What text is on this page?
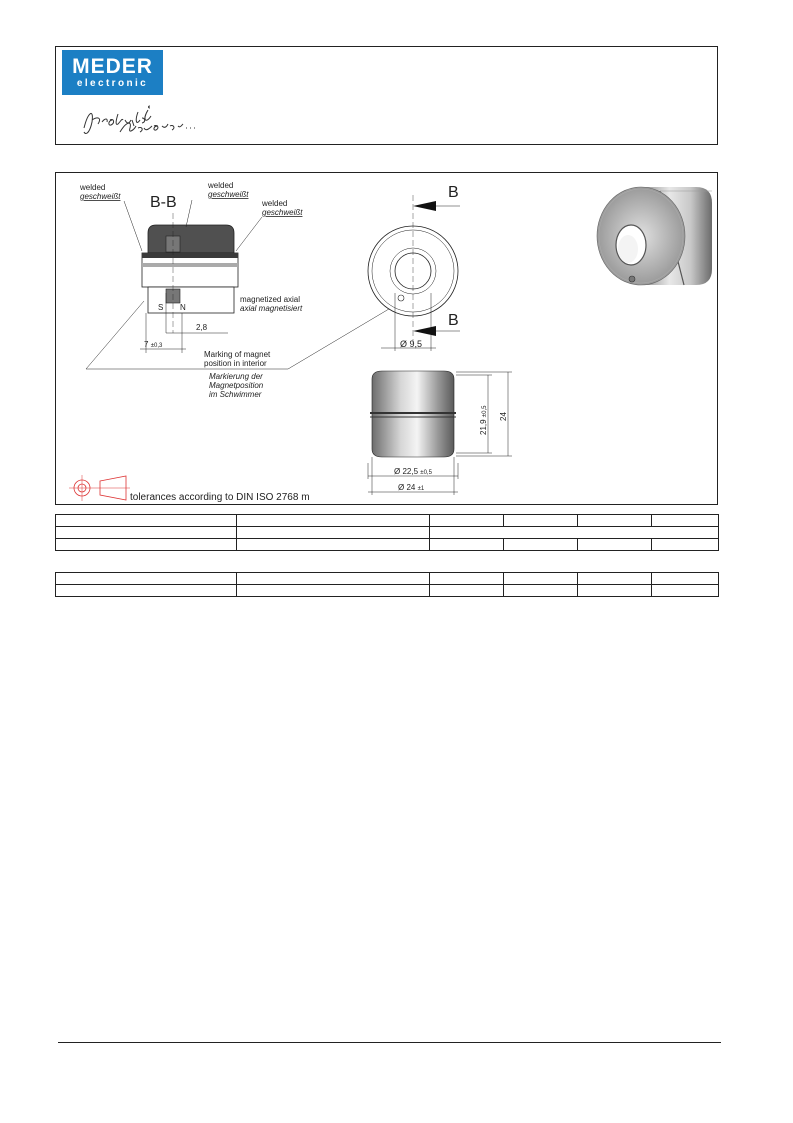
MEDER
electronic
B-B
welded
geschweißt
welded
geschweißt
welded
geschweißt
magnetized axial
axial magnetisiert
S N
2,8
7 ±0,3
Marking of magnet
position in interior
Markierung der
Magnetposition
im Schwimmer
B
B
Ø 9,5
21,9 ±0,5 24
Ø 22,5 ±0,5
Ø 24 ±1
tolerances according to DIN ISO 2768 m
